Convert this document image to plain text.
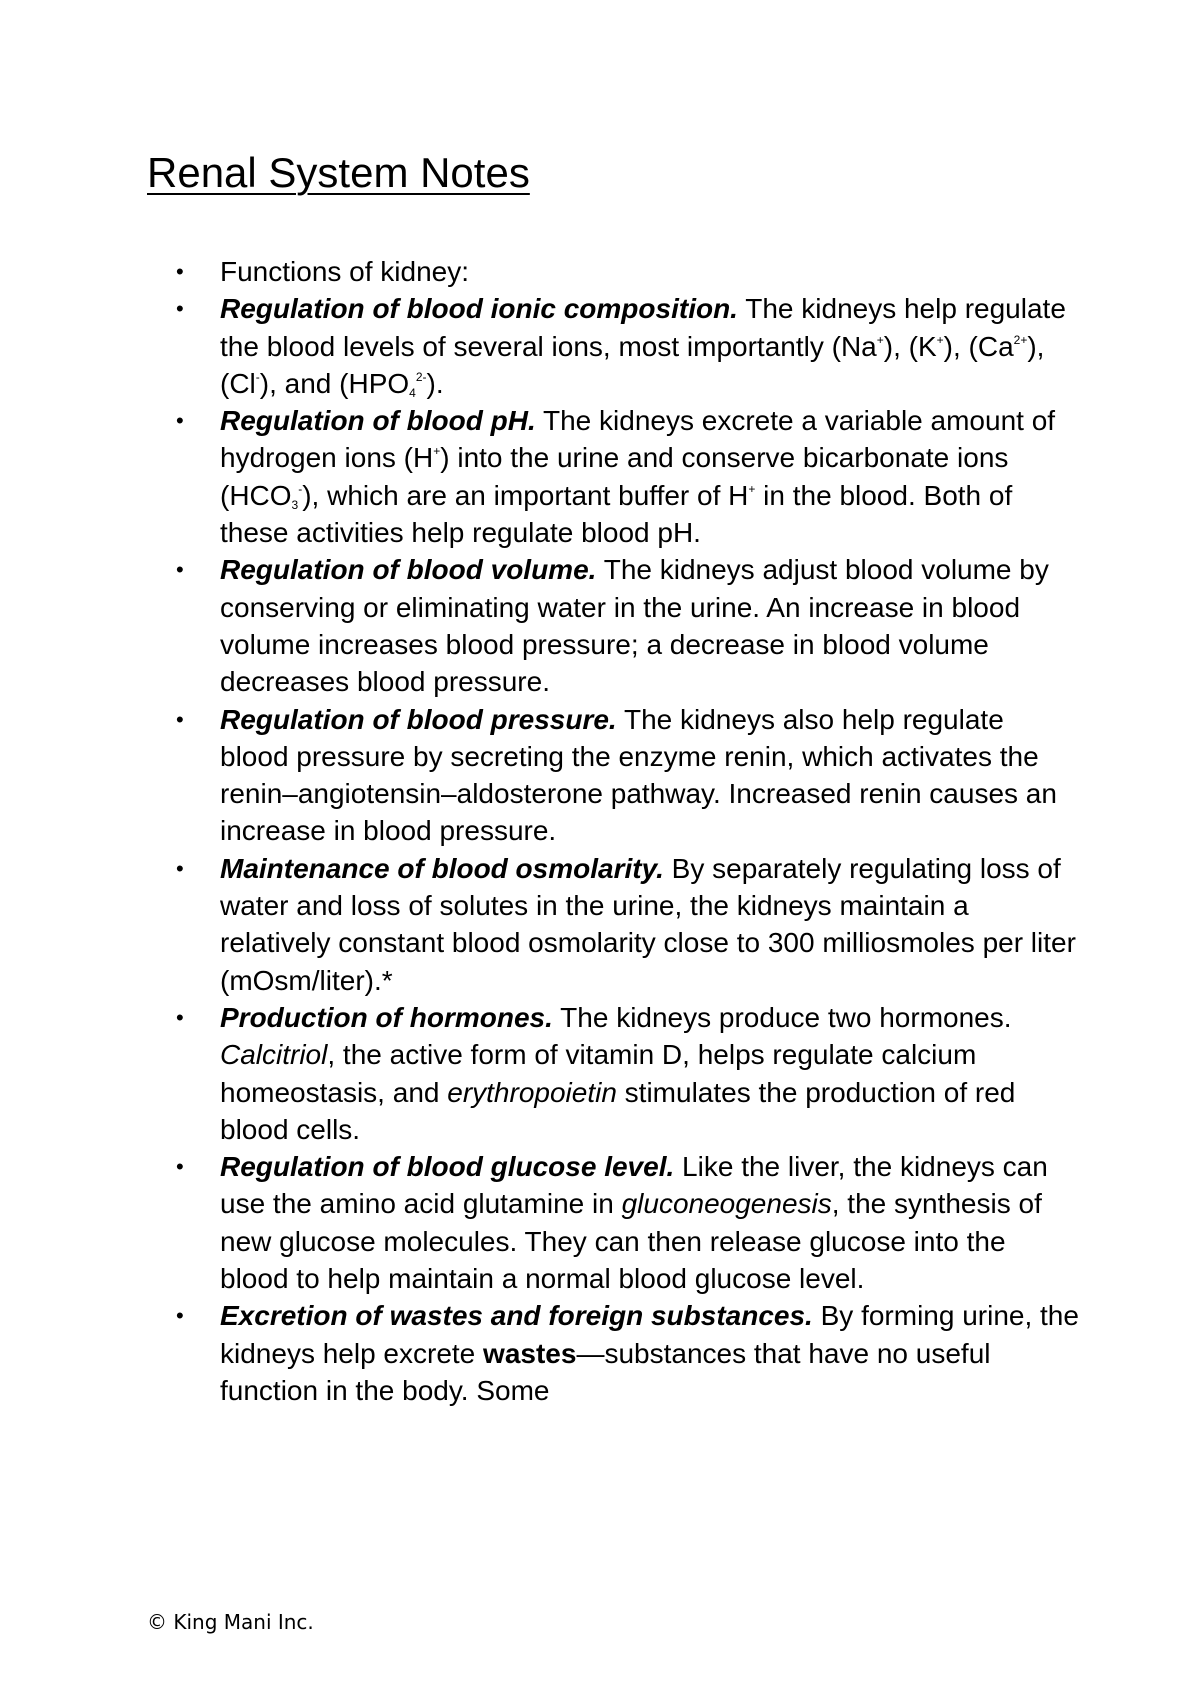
Renal System Notes
• Functions of kidney:
• Regulation of blood ionic composition. The kidneys help regulate the blood levels of several ions, most importantly (Na+), (K+), $(Ca^{2+})$, (Cl-), and $(HPO_4^{2-})$.
• Regulation of blood pH. The kidneys excrete a variable amount of hydrogen ions (H+) into the urine and conserve bicarbonate ions $(HCO_3^-)$, which are an important buffer of H+ in the blood. Both of these activities help regulate blood pH.
• Regulation of blood volume. The kidneys adjust blood volume by conserving or eliminating water in the urine. An increase in blood volume increases blood pressure; a decrease in blood volume decreases blood pressure.
• Regulation of blood pressure. The kidneys also help regulate blood pressure by secreting the enzyme renin, which activates the renin–angiotensin–aldosterone pathway. Increased renin causes an increase in blood pressure.
• Maintenance of blood osmolarity. By separately regulating loss of water and loss of solutes in the urine, the kidneys maintain a relatively constant blood osmolarity close to 300 milliosmoles per liter (mOsm/liter).*
• Production of hormones. The kidneys produce two hormones. Calcitriol, the active form of vitamin D, helps regulate calcium homeostasis, and erythropoietin stimulates the production of red blood cells.
• Regulation of blood glucose level. Like the liver, the kidneys can use the amino acid glutamine in gluconeogenesis, the synthesis of new glucose molecules. They can then release glucose into the blood to help maintain a normal blood glucose level.
• Excretion of wastes and foreign substances. By forming urine, the kidneys help excrete wastes—substances that have no useful function in the body. Some
© King Mani Inc.
